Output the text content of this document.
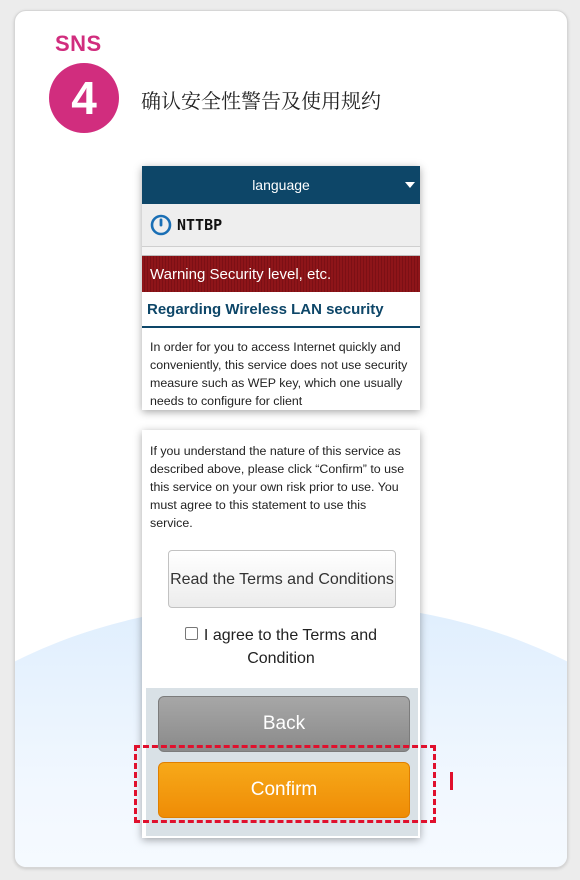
SNS
4	确认安全性警告及使用规约
language
NTTBP
Warning Security level, etc.
Regarding Wireless LAN security
In order for you to access Internet quickly and conveniently, this service does not use security measure such as WEP key, which one usually needs to configure for client
If you understand the nature of this service as described above, please click “Confirm” to use this service on your own risk prior to use. You must agree to this statement to use this service.
Read the Terms and Conditions
I agree to the Terms and Condition
Back
Confirm
